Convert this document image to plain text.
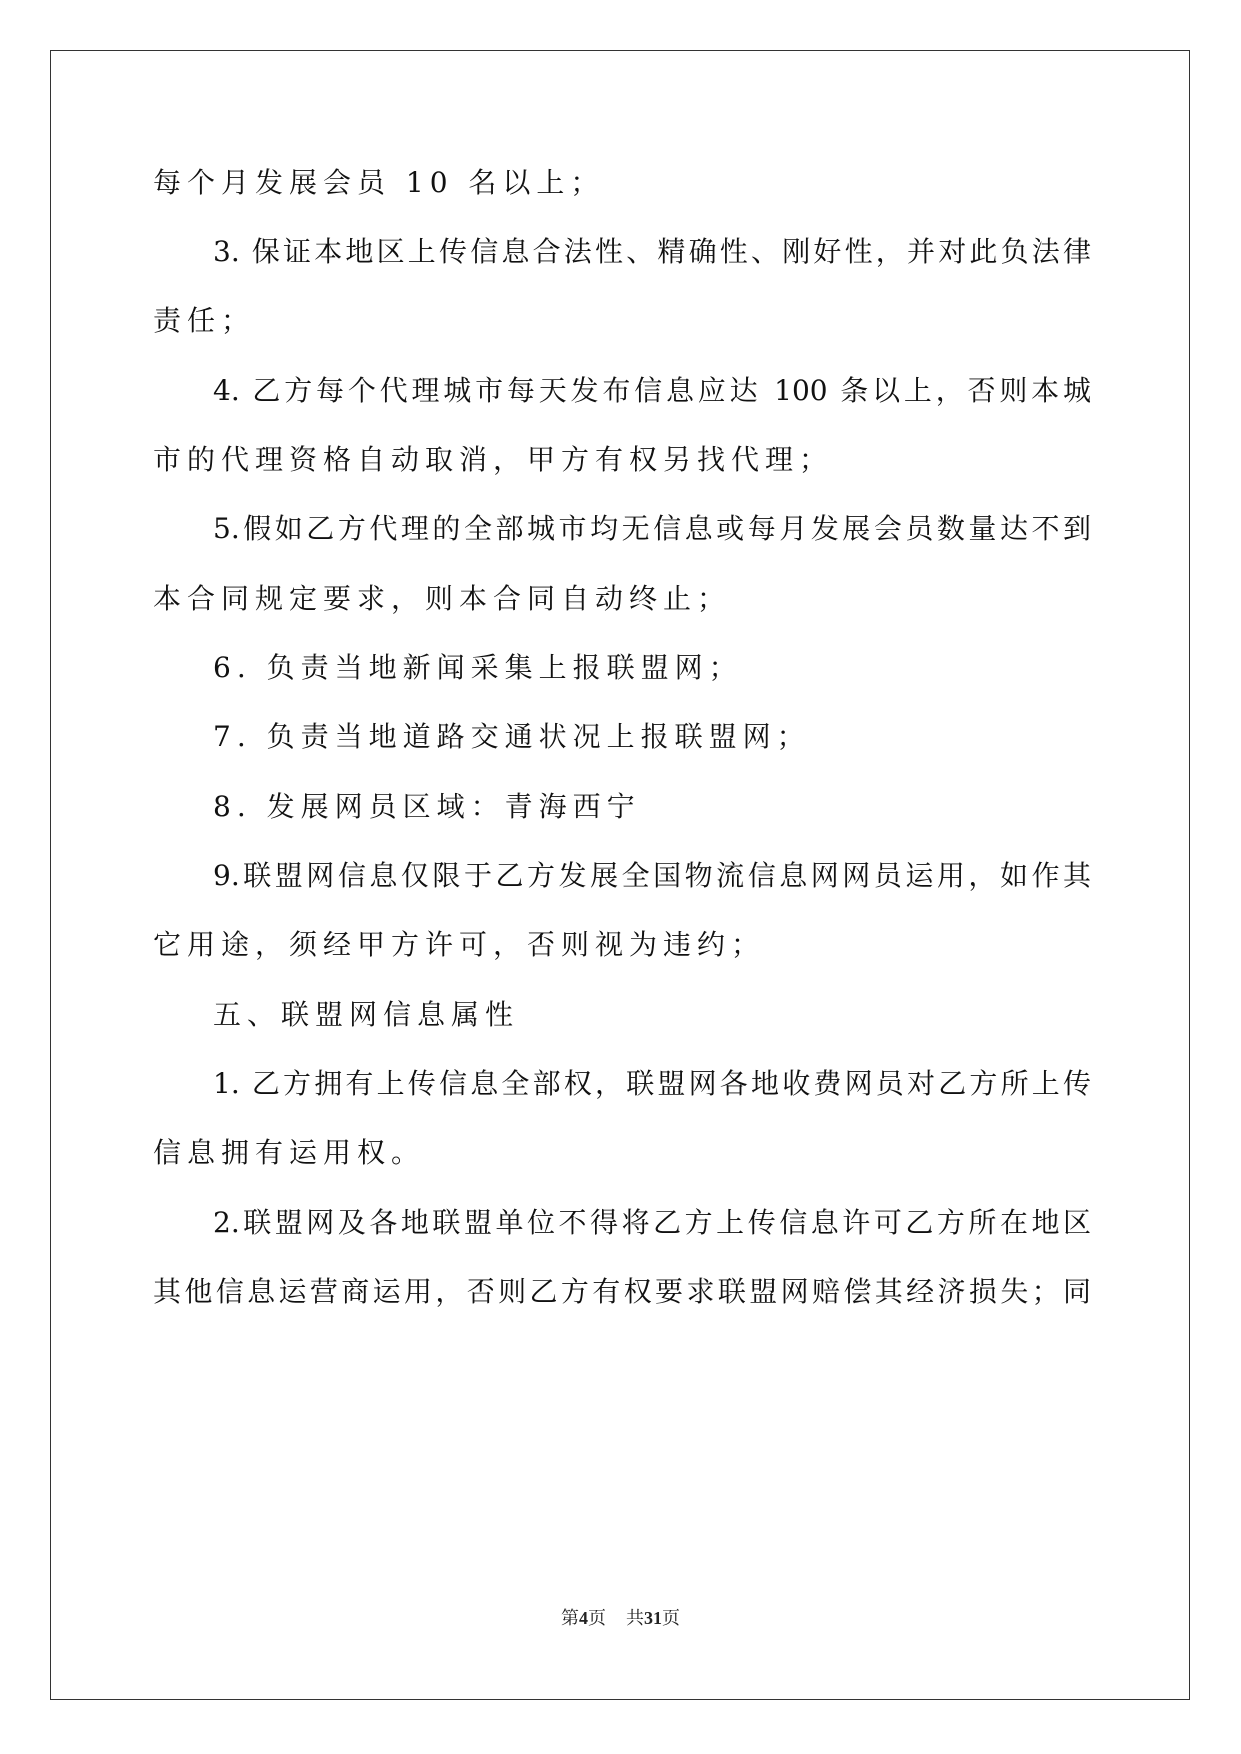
每个月发展会员 10 名以上；
3. 保证本地区上传信息合法性、精确性、刚好性，并对此负法律
责任；
4. 乙方每个代理城市每天发布信息应达 100 条以上，否则本城
市的代理资格自动取消，甲方有权另找代理；
5.假如乙方代理的全部城市均无信息或每月发展会员数量达不到
本合同规定要求，则本合同自动终止；
6. 负责当地新闻采集上报联盟网；
7. 负责当地道路交通状况上报联盟网；
8. 发展网员区域：青海西宁
9.联盟网信息仅限于乙方发展全国物流信息网网员运用，如作其
它用途，须经甲方许可，否则视为违约；
五、联盟网信息属性
1. 乙方拥有上传信息全部权，联盟网各地收费网员对乙方所上传
信息拥有运用权。
2.联盟网及各地联盟单位不得将乙方上传信息许可乙方所在地区
其他信息运营商运用，否则乙方有权要求联盟网赔偿其经济损失；同
第4页 共31页
